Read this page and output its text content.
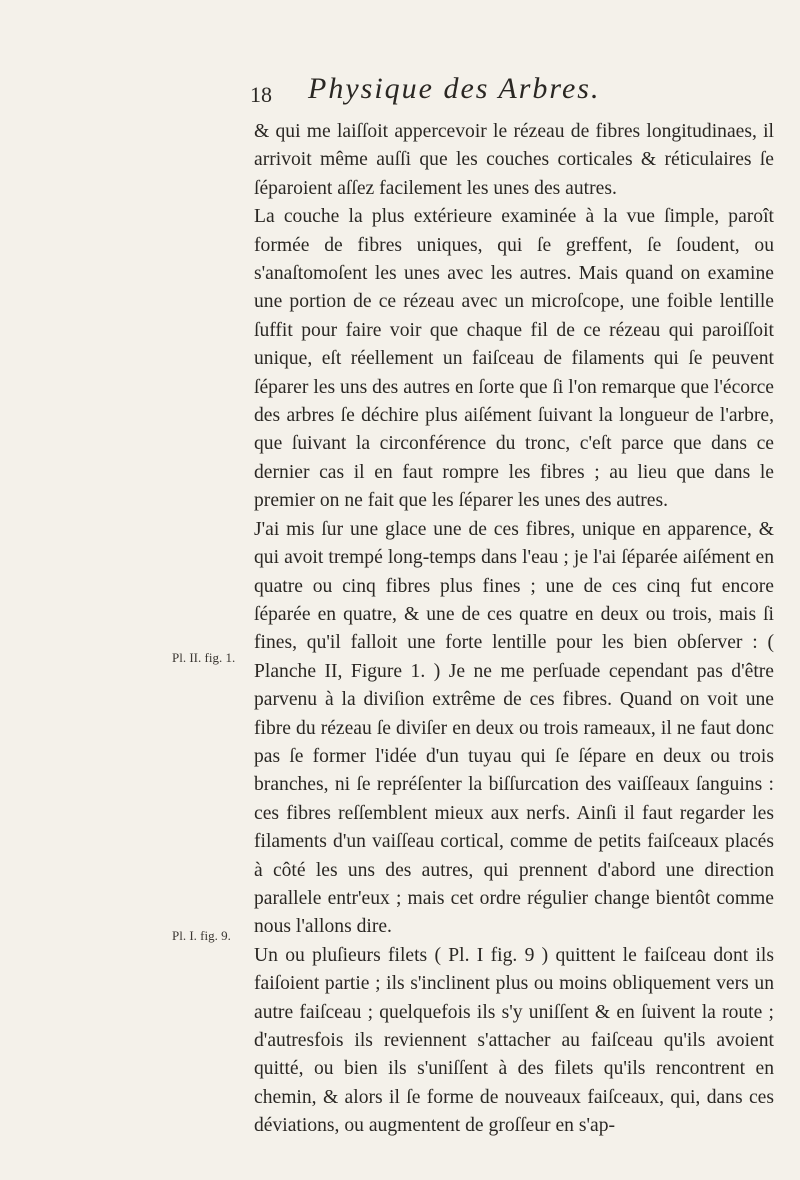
18 Physique des Arbres.
Pl. II. fig. 1.
Pl. I. fig. 9.

& qui me laiſſoit appercevoir le rézeau de fibres longitudinaes, il arrivoit même auſſi que les couches corticales & réticulaires ſe ſéparoient aſſez facilement les unes des autres.

La couche la plus extérieure examinée à la vue ſimple, paroît formée de fibres uniques, qui ſe greffent, ſe ſoudent, ou s'anaſtomoſent les unes avec les autres. Mais quand on examine une portion de ce rézeau avec un microſcope, une foible lentille ſuffit pour faire voir que chaque fil de ce rézeau qui paroiſſoit unique, eſt réellement un faiſceau de filaments qui ſe peuvent ſéparer les uns des autres en ſorte que ſi l'on remarque que l'écorce des arbres ſe déchire plus aiſément ſuivant la longueur de l'arbre, que ſuivant la circonférence du tronc, c'eſt parce que dans ce dernier cas il en faut rompre les fibres ; au lieu que dans le premier on ne fait que les ſéparer les unes des autres.

J'ai mis ſur une glace une de ces fibres, unique en apparence, & qui avoit trempé long-temps dans l'eau ; je l'ai ſéparée aiſément en quatre ou cinq fibres plus fines ; une de ces cinq fut encore ſéparée en quatre, & une de ces quatre en deux ou trois, mais ſi fines, qu'il falloit une forte lentille pour les bien obſerver : ( Planche II, Figure 1. ) Je ne me perſuade cependant pas d'être parvenu à la diviſion extrême de ces fibres. Quand on voit une fibre du rézeau ſe diviſer en deux ou trois rameaux, il ne faut donc pas ſe former l'idée d'un tuyau qui ſe ſépare en deux ou trois branches, ni ſe repréſenter la biſſurcation des vaiſſeaux ſanguins : ces fibres reſſemblent mieux aux nerfs. Ainſi il faut regarder les filaments d'un vaiſſeau cortical, comme de petits faiſceaux placés à côté les uns des autres, qui prennent d'abord une direction parallele entr'eux ; mais cet ordre régulier change bientôt comme nous l'allons dire.

Un ou pluſieurs filets ( Pl. I fig. 9 ) quittent le faiſceau dont ils faiſoient partie ; ils s'inclinent plus ou moins obliquement vers un autre faiſceau ; quelquefois ils s'y uniſſent & en ſuivent la route ; d'autresfois ils reviennent s'attacher au faiſceau qu'ils avoient quitté, ou bien ils s'uniſſent à des filets qu'ils rencontrent en chemin, & alors il ſe forme de nouveaux faiſceaux, qui, dans ces déviations, ou augmentent de groſſeur en s'ap-
